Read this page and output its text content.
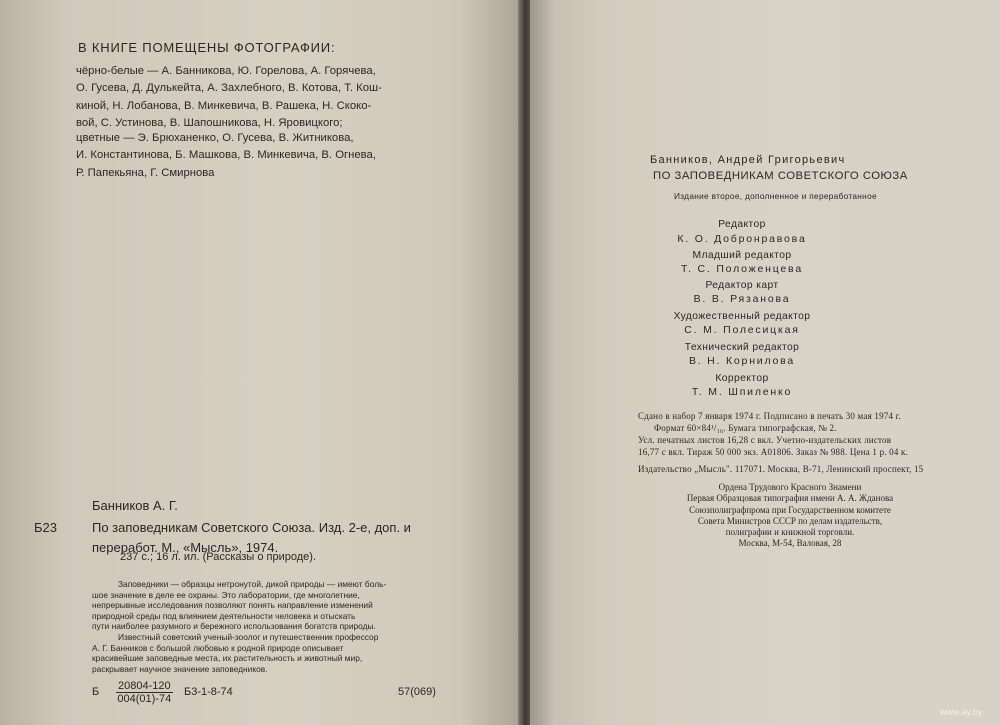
В КНИГЕ ПОМЕЩЕНЫ ФОТОГРАФИИ:
чёрно-белые — А. Банникова, Ю. Горелова, А. Горячева,
О. Гусева, Д. Дулькейта, А. Захлебного, В. Котова, Т. Кош-
киной, Н. Лобанова, В. Минкевича, В. Рашека, Н. Скоко-
вой, С. Устинова, В. Шапошникова, Н. Яровицкого;
цветные — Э. Брюханенко, О. Гусева, В. Житникова,
И. Константинова, Б. Машкова, В. Минкевича, В. Огнева,
Р. Папекьяна, Г. Смирнова
Б23
Банников А. Г.
По заповедникам Советского Союза. Изд. 2-е, доп. и переработ. М., «Мысль», 1974.
237 с.; 16 л. ил. (Рассказы о природе).
Заповедники — образцы нетронутой, дикой природы — имеют боль-
шое значение в деле ее охраны. Это лаборатории, где многолетние,
непрерывные исследования позволяют понять направление изменений
природной среды под влиянием деятельности человека и отыскать
пути наиболее разумного и бережного использования богатств природы.
Известный советский ученый-зоолог и путешественник профессор
А. Г. Банников с большой любовью к родной природе описывает
красивейшие заповедные места, их растительность и животный мир,
раскрывает научное значение заповедников.
Б 20804-120
004(01)-74
Б3-1-8-74	57(069)
Банников, Андрей Григорьевич
ПО ЗАПОВЕДНИКАМ СОВЕТСКОГО СОЮЗА
Издание второе, дополненное и переработанное
Редактор
К. О. Добронравова
Младший редактор
Т. С. Положенцева
Редактор карт
В. В. Рязанова
Художественный редактор
С. М. Полесицкая
Технический редактор
В. Н. Корнилова
Корректор
Т. М. Шпиленко
Сдано в набор 7 января 1974 г. Подписано в печать 30 мая 1974 г.
Формат 60×84¹/₁₆. Бумага типографская, № 2.
Усл. печатных листов 16,28 с вкл. Учетно-издательских листов
16,77 с вкл. Тираж 50 000 экз. А01806. Заказ № 988. Цена 1 р. 04 к.
Издательство „Мысль". 117071. Москва, В-71, Ленинский проспект, 15
Ордена Трудового Красного Знамени
Первая Образцовая типография имени А. А. Жданова
Союзполиграфпрома при Государственном комитете
Совета Министров СССР по делам издательств,
полиграфии и книжной торговли.
Москва, М-54, Валовая, 28
www.ay.by
